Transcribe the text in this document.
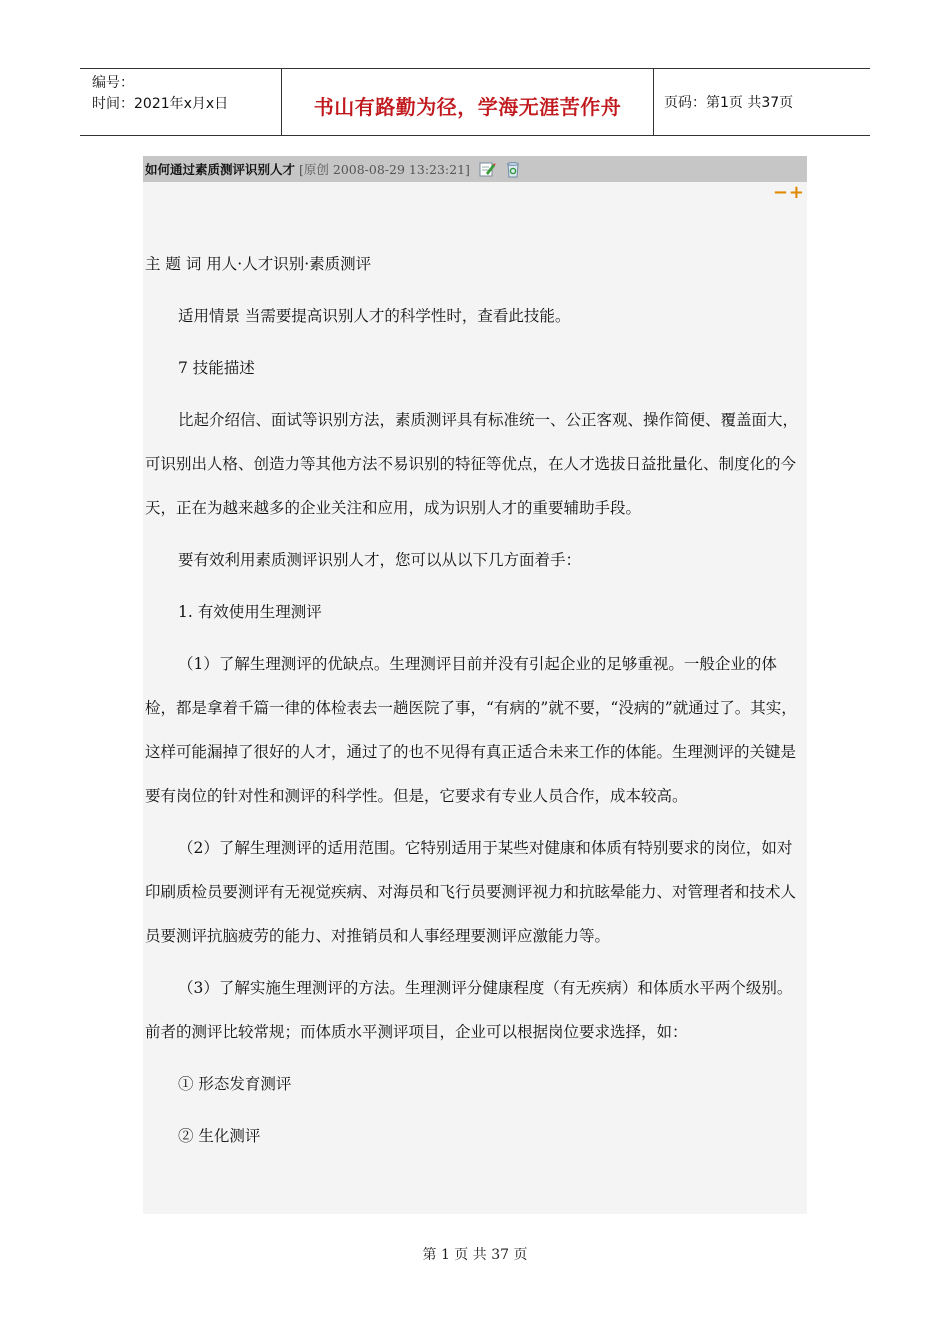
编号：
时间：2021年x月x日	书山有路勤为径，学海无涯苦作舟	页码：第1页 共37页
如何通过素质测评识别人才 [原创 2008-08-29 13:23:21]
−+

主 题 词 用人·人才识别·素质测评

适用情景 当需要提高识别人才的科学性时，查看此技能。

7 技能描述

比起介绍信、面试等识别方法，素质测评具有标准统一、公正客观、操作简便、覆盖面大，可识别出人格、创造力等其他方法不易识别的特征等优点，在人才选拔日益批量化、制度化的今天，正在为越来越多的企业关注和应用，成为识别人才的重要辅助手段。

要有效利用素质测评识别人才，您可以从以下几方面着手：

1. 有效使用生理测评

（1）了解生理测评的优缺点。生理测评目前并没有引起企业的足够重视。一般企业的体检，都是拿着千篇一律的体检表去一趟医院了事，“有病的”就不要，“没病的”就通过了。其实，这样可能漏掉了很好的人才，通过了的也不见得有真正适合未来工作的体能。生理测评的关键是要有岗位的针对性和测评的科学性。但是，它要求有专业人员合作，成本较高。

（2）了解生理测评的适用范围。它特别适用于某些对健康和体质有特别要求的岗位，如对印刷质检员要测评有无视觉疾病、对海员和飞行员要测评视力和抗眩晕能力、对管理者和技术人员要测评抗脑疲劳的能力、对推销员和人事经理要测评应激能力等。

（3）了解实施生理测评的方法。生理测评分健康程度（有无疾病）和体质水平两个级别。前者的测评比较常规；而体质水平测评项目，企业可以根据岗位要求选择，如：

① 形态发育测评

② 生化测评

第 1 页 共 37 页
